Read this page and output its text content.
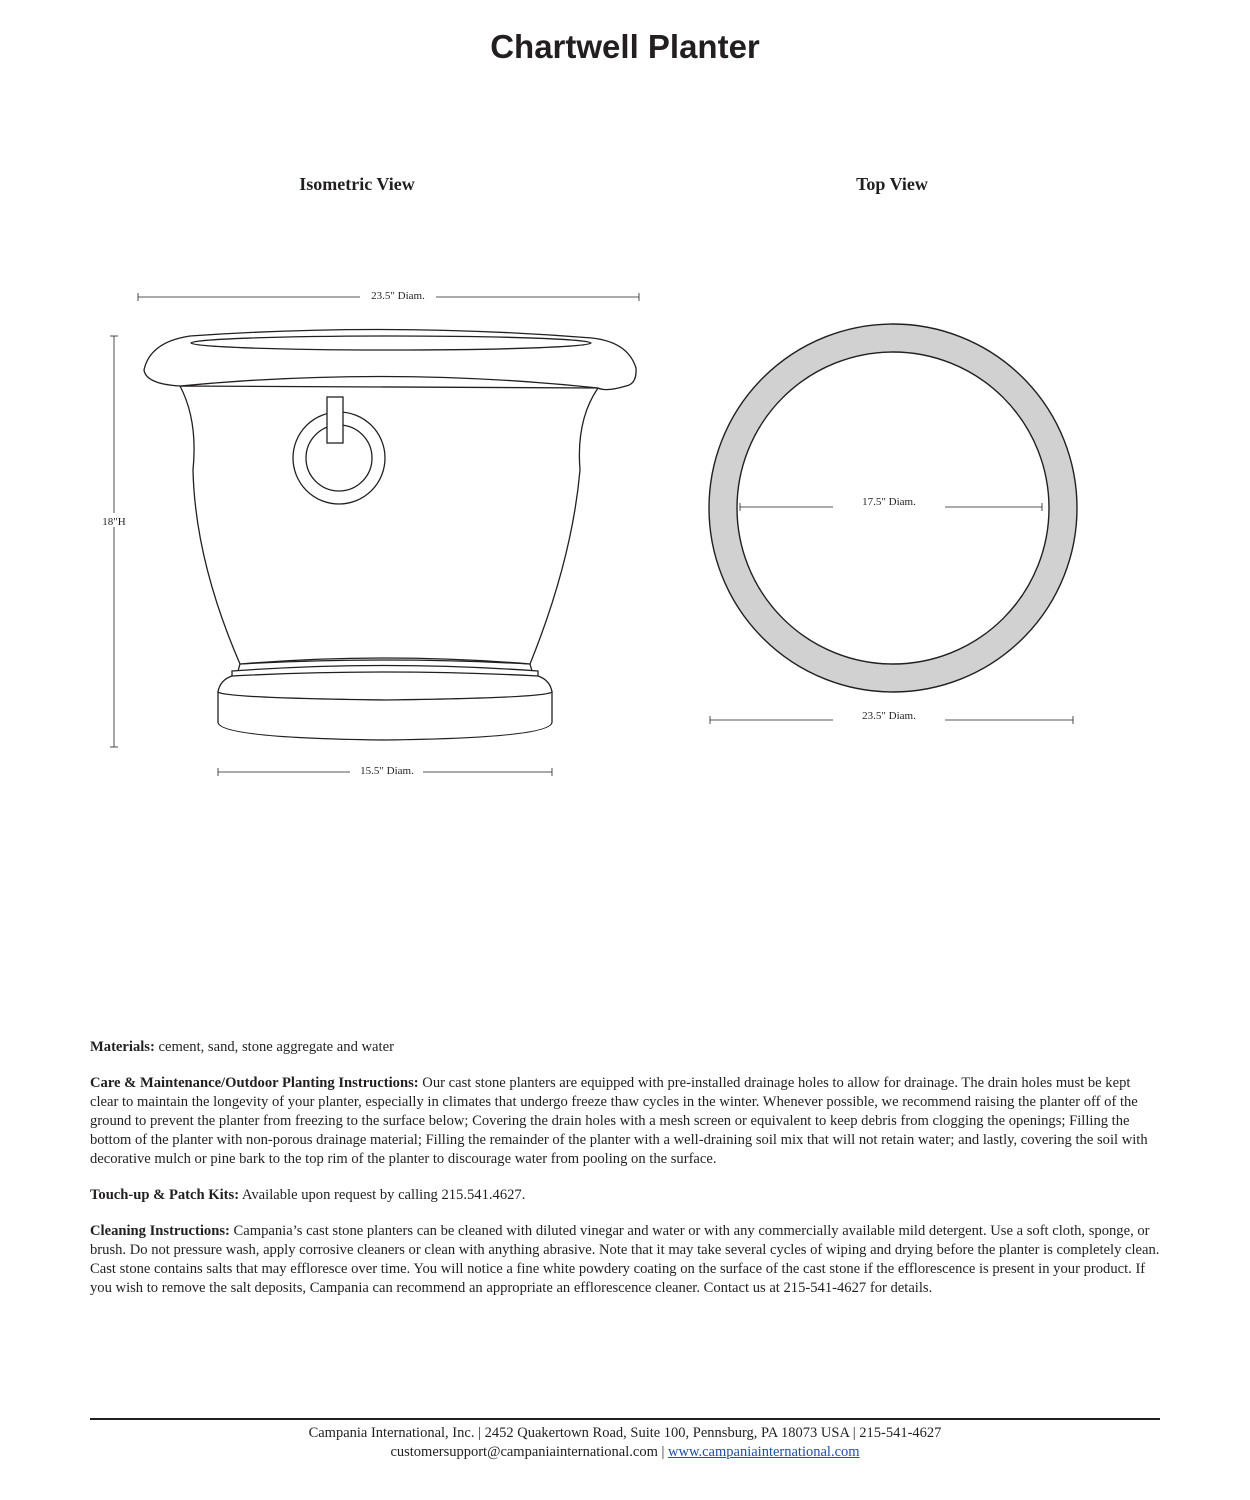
Chartwell Planter
Isometric View	Top View
23.5" Diam.
18"H
15.5" Diam.
17.5" Diam.
23.5" Diam.

Materials: cement, sand, stone aggregate and water

Care & Maintenance/Outdoor Planting Instructions: Our cast stone planters are equipped with pre-installed drainage holes to allow for drainage. The drain holes must be kept clear to maintain the longevity of your planter, especially in climates that undergo freeze thaw cycles in the winter. Whenever possible, we recommend raising the planter off of the ground to prevent the planter from freezing to the surface below; Covering the drain holes with a mesh screen or equivalent to keep debris from clogging the openings; Filling the bottom of the planter with non-porous drainage material; Filling the remainder of the planter with a well-draining soil mix that will not retain water; and lastly, covering the soil with decorative mulch or pine bark to the top rim of the planter to discourage water from pooling on the surface.

Touch-up & Patch Kits: Available upon request by calling 215.541.4627.

Cleaning Instructions: Campania’s cast stone planters can be cleaned with diluted vinegar and water or with any commercially available mild detergent. Use a soft cloth, sponge, or brush. Do not pressure wash, apply corrosive cleaners or clean with anything abrasive. Note that it may take several cycles of wiping and drying before the planter is completely clean. Cast stone contains salts that may effloresce over time. You will notice a fine white powdery coating on the surface of the cast stone if the efflorescence is present in your product. If you wish to remove the salt deposits, Campania can recommend an appropriate an efflorescence cleaner. Contact us at 215-541-4627 for details.

Campania International, Inc. | 2452 Quakertown Road, Suite 100, Pennsburg, PA 18073 USA | 215-541-4627
customersupport@campaniainternational.com | www.campaniainternational.com
